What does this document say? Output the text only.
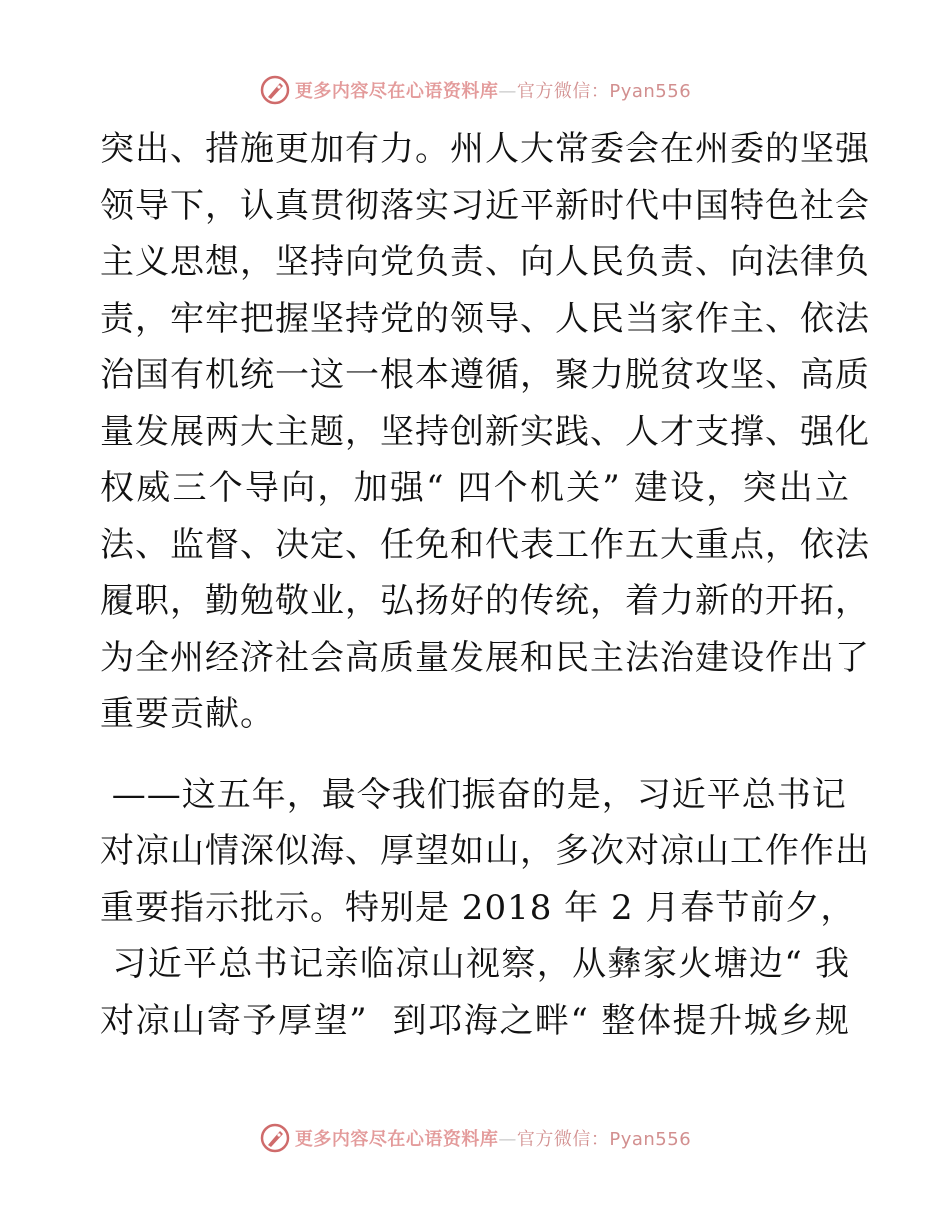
更多内容尽在心语资料库—官方微信：Pyan556
突出、措施更加有力。州人大常委会在州委的坚强
领导下，认真贯彻落实习近平新时代中国特色社会
主义思想，坚持向党负责、向人民负责、向法律负
责，牢牢把握坚持党的领导、人民当家作主、依法
治国有机统一这一根本遵循，聚力脱贫攻坚、高质
量发展两大主题，坚持创新实践、人才支撑、强化
权威三个导向，加强“ 四个机关” 建设，突出立
法、监督、决定、任免和代表工作五大重点，依法
履职，勤勉敬业，弘扬好的传统，着力新的开拓，
为全州经济社会高质量发展和民主法治建设作出了
重要贡献。
——这五年，最令我们振奋的是，习近平总书记
对凉山情深似海、厚望如山，多次对凉山工作作出
重要指示批示。特别是 2018 年 2 月春节前夕，
习近平总书记亲临凉山视察，从彝家火塘边“ 我
对凉山寄予厚望”  到邛海之畔“ 整体提升城乡规
更多内容尽在心语资料库—官方微信：Pyan556
